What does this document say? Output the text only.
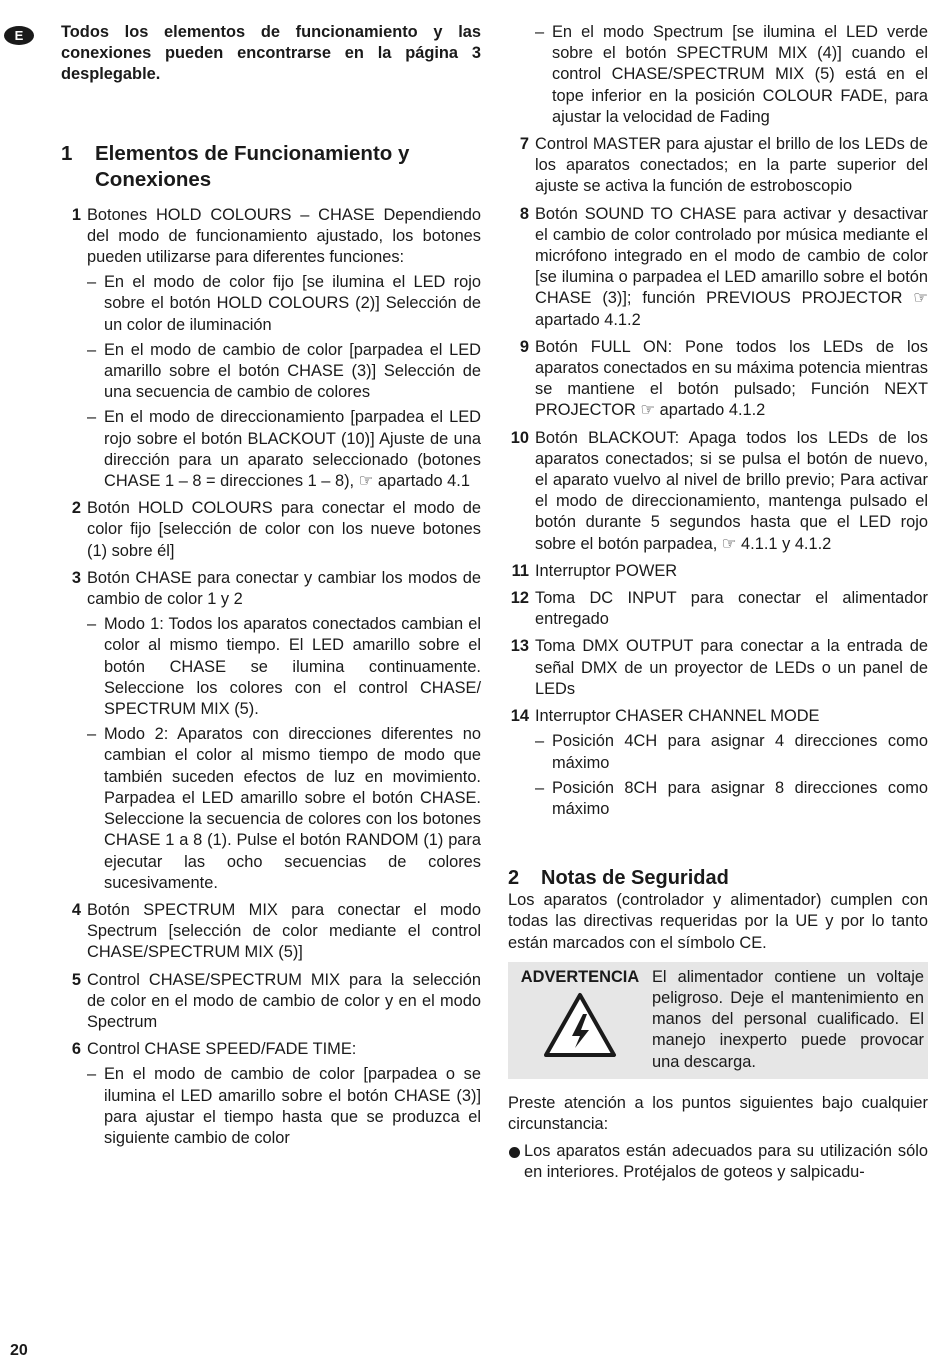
E	Todos los elementos de funcionamiento y las conexiones pueden encontrarse en la página 3 desplegable.

1 Elementos de Funcionamiento y Conexiones
1 Botones HOLD COLOURS – CHASE Dependiendo del modo de funcionamiento ajustado, los botones pueden utilizarse para diferentes funciones:

– En el modo de color fijo [se ilumina el LED rojo sobre el botón HOLD COLOURS (2)] Selección de un color de iluminación
– En el modo de cambio de color [parpadea el LED amarillo sobre el botón CHASE (3)] Selección de una secuencia de cambio de colores
– En el modo de direccionamiento [parpadea el LED rojo sobre el botón BLACKOUT (10)] Ajuste de una dirección para un aparato seleccionado (botones CHASE 1 – 8 = direcciones 1 – 8), ☞ apartado 4.1
2 Botón HOLD COLOURS para conectar el modo de color fijo [selección de color con los nueve botones (1) sobre él]

3 Botón CHASE para conectar y cambiar los modos de cambio de color 1 y 2

– Modo 1: Todos los aparatos conectados cambian el color al mismo tiempo. El LED amarillo sobre el botón CHASE se ilumina continuamente. Seleccione los colores con el control CHASE/ SPECTRUM MIX (5).
– Modo 2: Aparatos con direcciones diferentes no cambian el color al mismo tiempo de modo que también suceden efectos de luz en movimiento. Parpadea el LED amarillo sobre el botón CHASE. Seleccione la secuencia de colores con los botones CHASE 1 a 8 (1). Pulse el botón RANDOM (1) para ejecutar las ocho secuencias de colores sucesivamente.
4 Botón SPECTRUM MIX para conectar el modo Spectrum [selección de color mediante el control CHASE/SPECTRUM MIX (5)]

5 Control CHASE/SPECTRUM MIX para la selección de color en el modo de cambio de color y en el modo Spectrum

6 Control CHASE SPEED/FADE TIME:

– En el modo de cambio de color [parpadea o se ilumina el LED amarillo sobre el botón CHASE (3)] para ajustar el tiempo hasta que se produzca el siguiente cambio de color
– En el modo Spectrum [se ilumina el LED verde sobre el botón SPECTRUM MIX (4)] cuando el control CHASE/SPECTRUM MIX (5) está en el tope inferior en la posición COLOUR FADE, para ajustar la velocidad de Fading
7 Control MASTER para ajustar el brillo de los LEDs de los aparatos conectados; en la parte superior del ajuste se activa la función de estroboscopio

8 Botón SOUND TO CHASE para activar y desactivar el cambio de color controlado por música mediante el micrófono integrado en el modo de cambio de color [se ilumina o parpadea el LED amarillo sobre el botón CHASE (3)]; función PREVIOUS PROJECTOR ☞ apartado 4.1.2

9 Botón FULL ON: Pone todos los LEDs de los aparatos conectados en su máxima potencia mientras se mantiene el botón pulsado; Función NEXT PROJECTOR ☞ apartado 4.1.2

10 Botón BLACKOUT: Apaga todos los LEDs de los aparatos conectados; si se pulsa el botón de nuevo, el aparato vuelvo al nivel de brillo previo; Para activar el modo de direccionamiento, mantenga pulsado el botón durante 5 segundos hasta que el LED rojo sobre el botón parpadea, ☞ 4.1.1 y 4.1.2

11 Interruptor POWER

12 Toma DC INPUT para conectar el alimentador entregado

13 Toma DMX OUTPUT para conectar a la entrada de señal DMX de un proyector de LEDs o un panel de LEDs

14 Interruptor CHASER CHANNEL MODE

– Posición 4CH para asignar 4 direcciones como máximo
– Posición 8CH para asignar 8 direcciones como máximo
2 Notas de Seguridad

Los aparatos (controlador y alimentador) cumplen con todas las directivas requeridas por la UE y por lo tanto están marcados con el símbolo CE.

ADVERTENCIA El alimentador contiene un voltaje peligroso. Deje el mantenimiento en manos del personal cualificado. El manejo inexperto puede provocar una descarga.

Preste atención a los puntos siguientes bajo cualquier circunstancia:

Los aparatos están adecuados para su utilización sólo en interiores. Protéjalos de goteos y salpicadu-
20
